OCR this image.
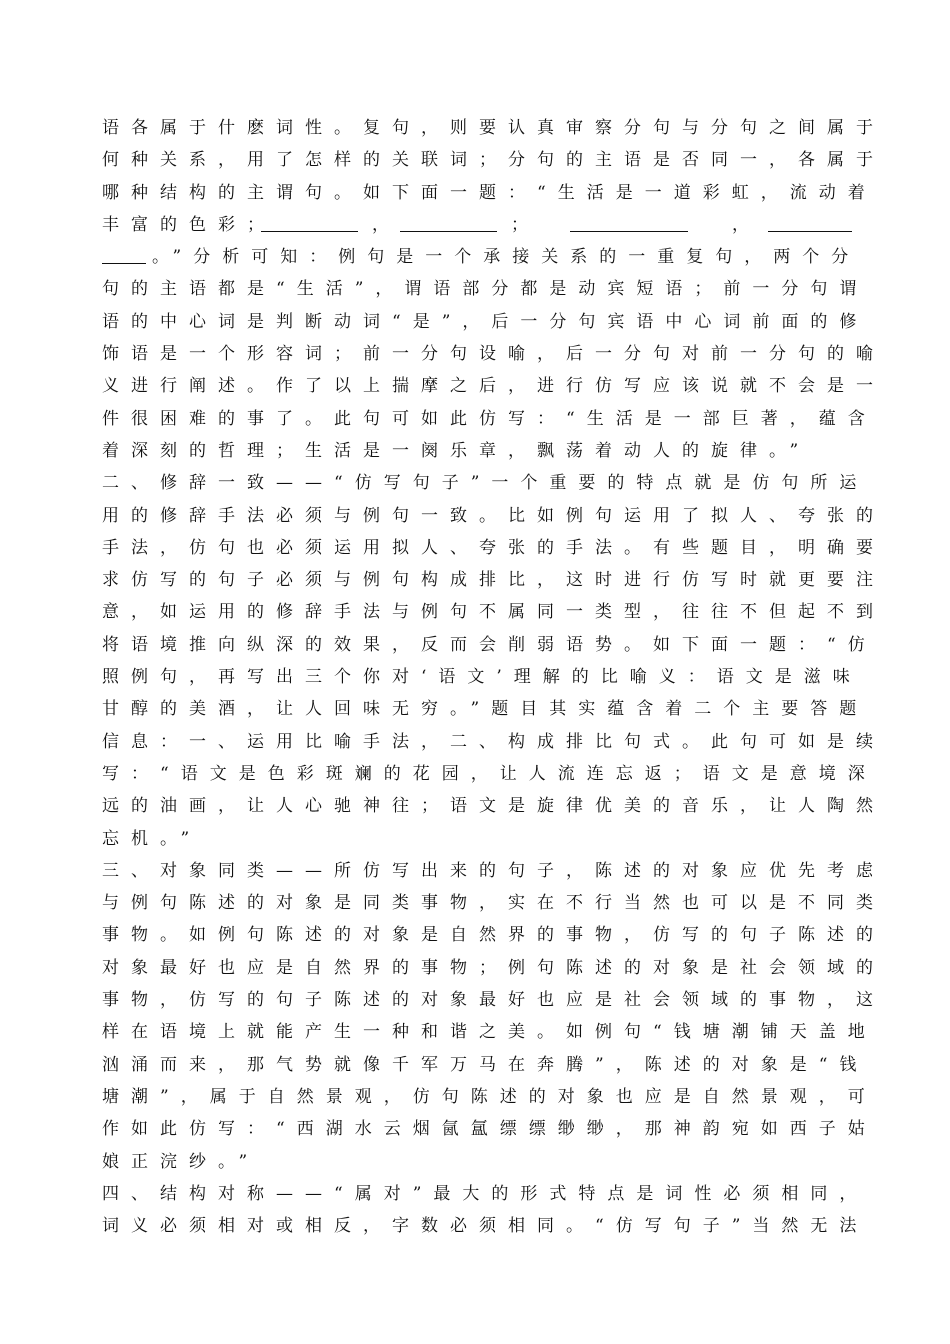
语各属于什麽词性。复句，则要认真审察分句与分句之间属于
何种关系，用了怎样的关联词；分句的主语是否同一，各属于
哪种结构的主谓句。如下面一题：“生活是一道彩虹，流动着
丰富的色彩；	，	；	，
。”分析可知：例句是一个承接关系的一重复句，两个分
句的主语都是“生活”，谓语部分都是动宾短语；前一分句谓
语的中心词是判断动词“是”，后一分句宾语中心词前面的修
饰语是一个形容词；前一分句设喻，后一分句对前一分句的喻
义进行阐述。作了以上揣摩之后，进行仿写应该说就不会是一
件很困难的事了。此句可如此仿写：“生活是一部巨著，蕴含
着深刻的哲理；生活是一阕乐章，飘荡着动人的旋律。”
二、修辞一致——“仿写句子”一个重要的特点就是仿句所运
用的修辞手法必须与例句一致。比如例句运用了拟人、夸张的
手法，仿句也必须运用拟人、夸张的手法。有些题目，明确要
求仿写的句子必须与例句构成排比，这时进行仿写时就更要注
意，如运用的修辞手法与例句不属同一类型，往往不但起不到
将语境推向纵深的效果，反而会削弱语势。如下面一题：“仿
照例句，再写出三个你对‘语文’理解的比喻义：语文是滋味
甘醇的美酒，让人回味无穷。”题目其实蕴含着二个主要答题
信息：一、运用比喻手法，二、构成排比句式。此句可如是续
写：“语文是色彩斑斓的花园，让人流连忘返；语文是意境深
远的油画，让人心驰神往；语文是旋律优美的音乐，让人陶然
忘机。”
三、对象同类——所仿写出来的句子，陈述的对象应优先考虑
与例句陈述的对象是同类事物，实在不行当然也可以是不同类
事物。如例句陈述的对象是自然界的事物，仿写的句子陈述的
对象最好也应是自然界的事物；例句陈述的对象是社会领域的
事物，仿写的句子陈述的对象最好也应是社会领域的事物，这
样在语境上就能产生一种和谐之美。如例句“钱塘潮铺天盖地
汹涌而来，那气势就像千军万马在奔腾”，陈述的对象是“钱
塘潮”，属于自然景观，仿句陈述的对象也应是自然景观，可
作如此仿写：“西湖水云烟氤氲缥缥缈缈，那神韵宛如西子姑
娘正浣纱。”
四、结构对称——“属对”最大的形式特点是词性必须相同，
词义必须相对或相反，字数必须相同。“仿写句子”当然无法
